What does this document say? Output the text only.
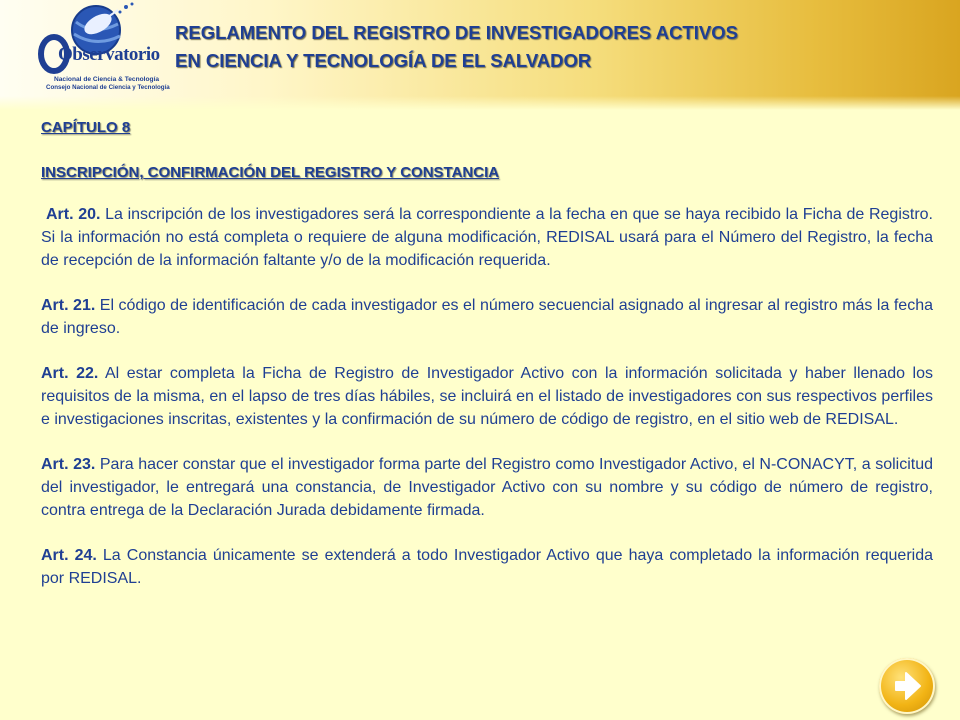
Observatorio
Nacional de Ciencia & Tecnología
Consejo Nacional de Ciencia y Tecnología
REGLAMENTO DEL REGISTRO DE INVESTIGADORES ACTIVOS
EN CIENCIA Y TECNOLOGÍA DE EL SALVADOR
CAPÍTULO 8
INSCRIPCIÓN, CONFIRMACIÓN DEL REGISTRO Y CONSTANCIA

Art. 20. La inscripción de los investigadores será la correspondiente a la fecha en que se haya recibido la Ficha de Registro. Si la información no está completa o requiere de alguna modificación, REDISAL usará para el Número del Registro, la fecha de recepción de la información faltante y/o de la modificación requerida.

Art. 21. El código de identificación de cada investigador es el número secuencial asignado al ingresar al registro más la fecha de ingreso.

Art. 22. Al estar completa la Ficha de Registro de Investigador Activo con la información solicitada y haber llenado los requisitos de la misma, en el lapso de tres días hábiles, se incluirá en el listado de investigadores con sus respectivos perfiles e investigaciones inscritas, existentes y la confirmación de su número de código de registro, en el sitio web de REDISAL.

Art. 23. Para hacer constar que el investigador forma parte del Registro como Investigador Activo, el N-CONACYT, a solicitud del investigador, le entregará una constancia, de Investigador Activo con su nombre y su código de número de registro, contra entrega de la Declaración Jurada debidamente firmada.

Art. 24. La Constancia únicamente se extenderá a todo Investigador Activo que haya completado la información requerida por REDISAL.
